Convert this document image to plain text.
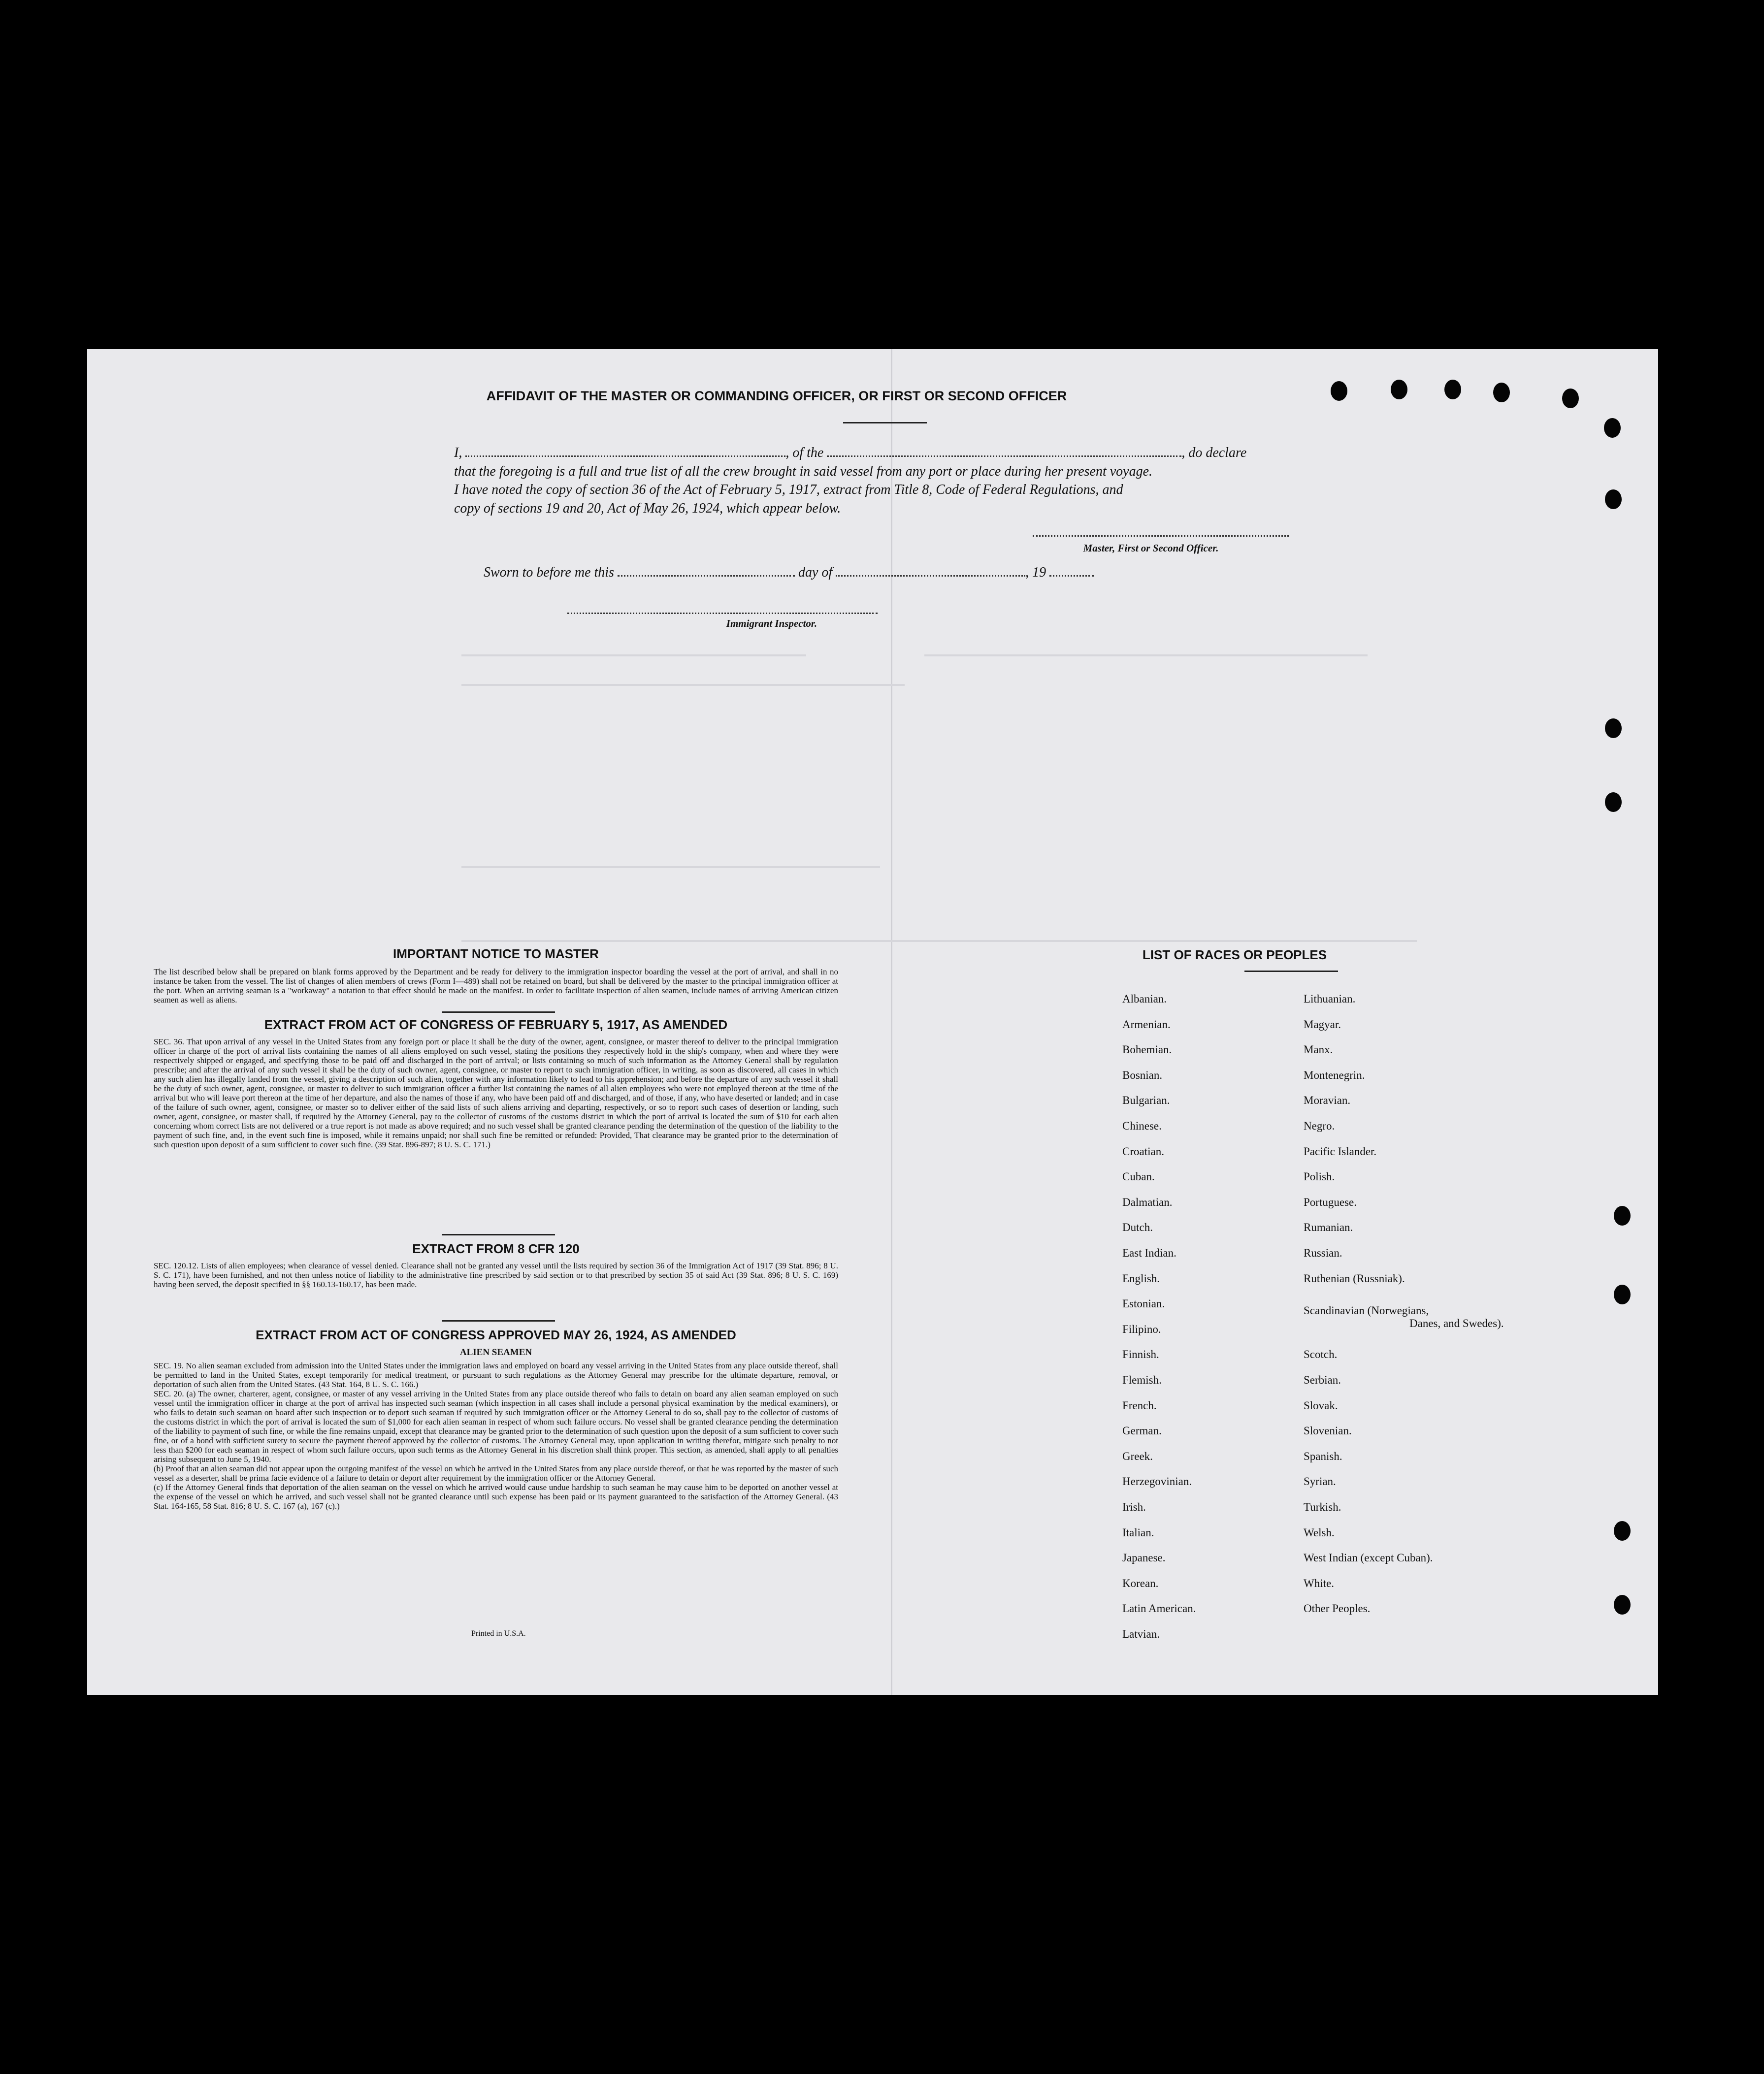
AFFIDAVIT OF THE MASTER OR COMMANDING OFFICER, OR FIRST OR SECOND OFFICER
I,	, of the	, do declare
that the foregoing is a full and true list of all the crew brought in said vessel from any port or place during her present voyage.
I have noted the copy of section 36 of the Act of February 5, 1917, extract from Title 8, Code of Federal Regulations, and
copy of sections 19 and 20, Act of May 26, 1924, which appear below.
Master, First or Second Officer.
Sworn to before me this	day of	, 19
Immigrant Inspector.
IMPORTANT NOTICE TO MASTER
The list described below shall be prepared on blank forms approved by the Department and be ready for delivery to the immigration inspector boarding the vessel at the port of arrival, and shall in no instance be taken from the vessel. The list of changes of alien members of crews (Form I—489) shall not be retained on board, but shall be delivered by the master to the principal immigration officer at the port. When an arriving seaman is a "workaway" a notation to that effect should be made on the manifest. In order to facilitate inspection of alien seamen, include names of arriving American citizen seamen as well as aliens.
EXTRACT FROM ACT OF CONGRESS OF FEBRUARY 5, 1917, AS AMENDED
SEC. 36. That upon arrival of any vessel in the United States from any foreign port or place it shall be the duty of the owner, agent, consignee, or master thereof to deliver to the principal immigration officer in charge of the port of arrival lists containing the names of all aliens employed on such vessel, stating the positions they respectively hold in the ship's company, when and where they were respectively shipped or engaged, and specifying those to be paid off and discharged in the port of arrival; or lists containing so much of such information as the Attorney General shall by regulation prescribe; and after the arrival of any such vessel it shall be the duty of such owner, agent, consignee, or master to report to such immigration officer, in writing, as soon as discovered, all cases in which any such alien has illegally landed from the vessel, giving a description of such alien, together with any information likely to lead to his apprehension; and before the departure of any such vessel it shall be the duty of such owner, agent, consignee, or master to deliver to such immigration officer a further list containing the names of all alien employees who were not employed thereon at the time of the arrival but who will leave port thereon at the time of her departure, and also the names of those if any, who have been paid off and discharged, and of those, if any, who have deserted or landed; and in case of the failure of such owner, agent, consignee, or master so to deliver either of the said lists of such aliens arriving and departing, respectively, or so to report such cases of desertion or landing, such owner, agent, consignee, or master shall, if required by the Attorney General, pay to the collector of customs of the customs district in which the port of arrival is located the sum of $10 for each alien concerning whom correct lists are not delivered or a true report is not made as above required; and no such vessel shall be granted clearance pending the determination of the question of the liability to the payment of such fine, and, in the event such fine is imposed, while it remains unpaid; nor shall such fine be remitted or refunded: Provided, That clearance may be granted prior to the determination of such question upon deposit of a sum sufficient to cover such fine. (39 Stat. 896-897; 8 U. S. C. 171.)
EXTRACT FROM 8 CFR 120
SEC. 120.12. Lists of alien employees; when clearance of vessel denied. Clearance shall not be granted any vessel until the lists required by section 36 of the Immigration Act of 1917 (39 Stat. 896; 8 U. S. C. 171), have been furnished, and not then unless notice of liability to the administrative fine prescribed by said section or to that prescribed by section 35 of said Act (39 Stat. 896; 8 U. S. C. 169) having been served, the deposit specified in §§ 160.13-160.17, has been made.
EXTRACT FROM ACT OF CONGRESS APPROVED MAY 26, 1924, AS AMENDED
ALIEN SEAMEN
SEC. 19. No alien seaman excluded from admission into the United States under the immigration laws and employed on board any vessel arriving in the United States from any place outside thereof, shall be permitted to land in the United States, except temporarily for medical treatment, or pursuant to such regulations as the Attorney General may prescribe for the ultimate departure, removal, or deportation of such alien from the United States. (43 Stat. 164, 8 U. S. C. 166.)
SEC. 20. (a) The owner, charterer, agent, consignee, or master of any vessel arriving in the United States from any place outside thereof who fails to detain on board any alien seaman employed on such vessel until the immigration officer in charge at the port of arrival has inspected such seaman (which inspection in all cases shall include a personal physical examination by the medical examiners), or who fails to detain such seaman on board after such inspection or to deport such seaman if required by such immigration officer or the Attorney General to do so, shall pay to the collector of customs of the customs district in which the port of arrival is located the sum of $1,000 for each alien seaman in respect of whom such failure occurs. No vessel shall be granted clearance pending the determination of the liability to payment of such fine, or while the fine remains unpaid, except that clearance may be granted prior to the determination of such question upon the deposit of a sum sufficient to cover such fine, or of a bond with sufficient surety to secure the payment thereof approved by the collector of customs. The Attorney General may, upon application in writing therefor, mitigate such penalty to not less than $200 for each seaman in respect of whom such failure occurs, upon such terms as the Attorney General in his discretion shall think proper. This section, as amended, shall apply to all penalties arising subsequent to June 5, 1940.
(b) Proof that an alien seaman did not appear upon the outgoing manifest of the vessel on which he arrived in the United States from any place outside thereof, or that he was reported by the master of such vessel as a deserter, shall be prima facie evidence of a failure to detain or deport after requirement by the immigration officer or the Attorney General.
(c) If the Attorney General finds that deportation of the alien seaman on the vessel on which he arrived would cause undue hardship to such seaman he may cause him to be deported on another vessel at the expense of the vessel on which he arrived, and such vessel shall not be granted clearance until such expense has been paid or its payment guaranteed to the satisfaction of the Attorney General. (43 Stat. 164-165, 58 Stat. 816; 8 U. S. C. 167 (a), 167 (c).)
Printed in U.S.A.
LIST OF RACES OR PEOPLES
Albanian.
Armenian.
Bohemian.
Bosnian.
Bulgarian.
Chinese.
Croatian.
Cuban.
Dalmatian.
Dutch.
East Indian.
English.
Estonian.
Filipino.
Finnish.
Flemish.
French.
German.
Greek.
Herzegovinian.
Irish.
Italian.
Japanese.
Korean.
Latin American.
Latvian.
Lithuanian.
Magyar.
Manx.
Montenegrin.
Moravian.
Negro.
Pacific Islander.
Polish.
Portuguese.
Rumanian.
Russian.
Ruthenian (Russniak).
Scandinavian (Norwegians,
Scotch.
Serbian.
Slovak.
Slovenian.
Spanish.
Syrian.
Turkish.
Welsh.
West Indian (except Cuban).
White.
Other Peoples.
Danes, and Swedes).
